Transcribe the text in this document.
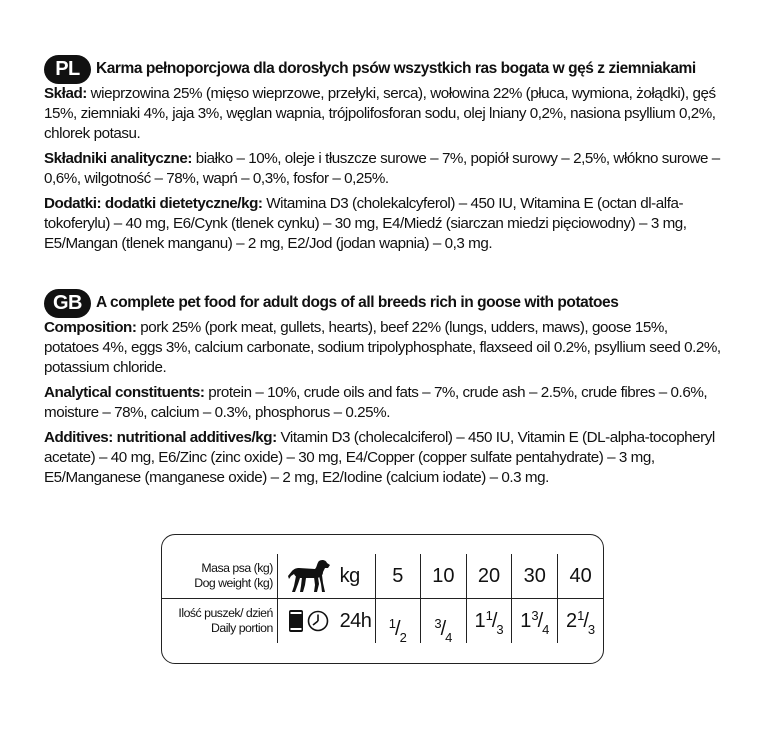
PL	Karma pełnoporcjowa dla dorosłych psów wszystkich ras bogata w gęś z ziemniakami

Skład: wieprzowina 25% (mięso wieprzowe, przełyki, serca), wołowina 22% (płuca, wymiona, żołądki), gęś 15%, ziemniaki 4%, jaja 3%, węglan wapnia, trójpolifosforan sodu, olej lniany 0,2%, nasiona psyllium 0,2%, chlorek potasu.

Składniki analityczne: białko – 10%, oleje i tłuszcze surowe – 7%, popiół surowy – 2,5%, włókno surowe – 0,6%, wilgotność – 78%, wapń – 0,3%, fosfor – 0,25%.

Dodatki: dodatki dietetyczne/kg: Witamina D3 (cholekalcyferol) – 450 IU, Witamina E (octan dl-alfa-tokoferylu) – 40 mg, E6/Cynk (tlenek cynku) – 30 mg, E4/Miedź (siarczan miedzi pięciowodny) – 3 mg, E5/Mangan (tlenek manganu) – 2 mg, E2/Jod (jodan wapnia) – 0,3 mg.

GB A complete pet food for adult dogs of all breeds rich in goose with potatoes

Composition: pork 25% (pork meat, gullets, hearts), beef 22% (lungs, udders, maws), goose 15%, potatoes 4%, eggs 3%, calcium carbonate, sodium tripolyphosphate, flaxseed oil 0.2%, psyllium seed 0.2%, potassium chloride.

Analytical constituents: protein – 10%, crude oils and fats – 7%, crude ash – 2.5%, crude fibres – 0.6%, moisture – 78%, calcium – 0.3%, phosphorus – 0.25%.

Additives: nutritional additives/kg: Vitamin D3 (cholecalciferol) – 450 IU, Vitamin E (DL-alpha-tocopheryl acetate) – 40 mg, E6/Zinc (zinc oxide) – 30 mg, E4/Copper (copper sulfate pentahydrate) – 3 mg, E5/Manganese (manganese oxide) – 2 mg, E2/Iodine (calcium iodate) – 0.3 mg.

Masa psa (kg)
Dog weight (kg)		kg	5	10	20	30	40

Ilość puszek/ dzień
Daily portion		24h	1 / 2	3 / 4	1 1 / 3	1 3 / 4	2 1 / 3
